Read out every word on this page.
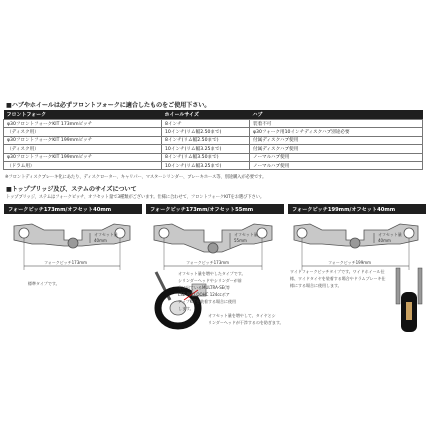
■ハブやホイールは必ずフロントフォークに適合したものをご使用下さい。
フロントフォーク	ホイールサイズ	ハブ
φ30フロントフォークKIT 173mmピッチ	8インチ	装着不可
（ディスク用）	10インチ(リム幅2.50まで)	φ30フォーク用10インチディスクハブ別途必要
φ30フロントフォークKIT 199mmピッチ	8インチ(リム幅2.50まで)	付属ディスクハブ使用
（ディスク用）	10インチ(リム幅3.25まで)	付属ディスクハブ使用
φ30フロントフォークKIT 199mmピッチ	8インチ(リム幅3.50まで)	ノーマルハブ使用
（ドラム用）	10インチ(リム幅3.25まで)	ノーマルハブ使用
※フロントディスクブレーキ化にあたり、ディスクローター、キャリパー、マスターシリンダー、ブレーキホース等、別途購入が必要です。
■トップブリッジ及び、ステムのサイズについて
トップブリッジ、ステムはフォークピッチ、オフセット量で3種類がございます。仕様に合わせて、フロントフォークKITをお選び下さい。
フォークピッチ173mm/オフセット40mm
オフセット量
40mm
フォークピッチ173mm
標準タイプです。
フォークピッチ173mm/オフセット55mm
オフセット量
55mm
フォークピッチ173mm
オフセット量を増やしたタイプです。
シリンダーヘッドやシリンダーが前
方に出ているMULTRA-SE(等
LSE-PRO,OOHC 124ccボア
アップKITを装着する場合に使用
します。
オフセット量を増やして、タイヤとシ
リンダーヘッドが干渉するのを防ぎます。
フォークピッチ199mm/オフセット40mm
オフセット量
40mm
フォークピッチ199mm
ワイドフォークピッチタイプです。ワイドホイール仕
様、ワイドタイヤを装着する場合やドラムブレーキ仕
様にする場合に使用します。
